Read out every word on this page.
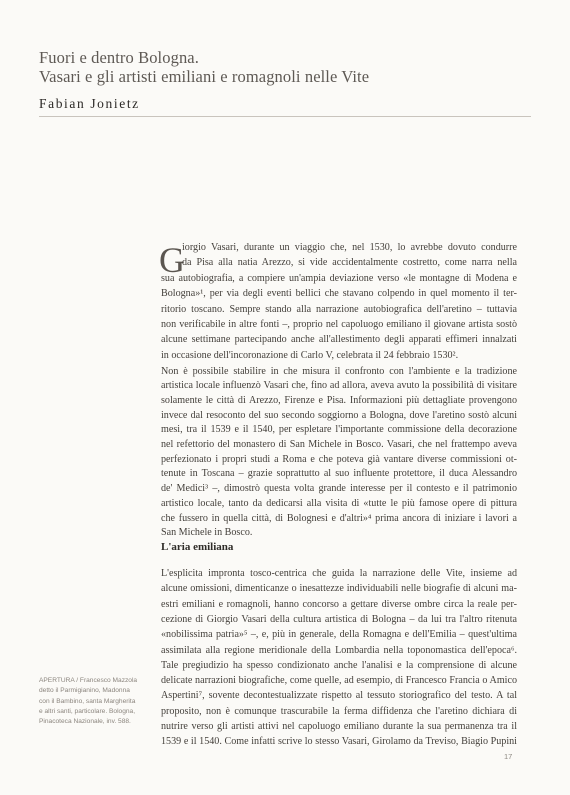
Fuori e dentro Bologna.
Vasari e gli artisti emiliani e romagnoli nelle Vite
Fabian Jonietz
G
iorgio Vasari, durante un viaggio che, nel 1530, lo avrebbe dovuto condurre
da Pisa alla natia Arezzo, si vide accidentalmente costretto, come narra nella
sua autobiografia, a compiere un'ampia deviazione verso «le montagne di Modena e
Bologna»¹, per via degli eventi bellici che stavano colpendo in quel momento il ter-
ritorio toscano. Sempre stando alla narrazione autobiografica dell'aretino – tuttavia
non verificabile in altre fonti –, proprio nel capoluogo emiliano il giovane artista sostò
alcune settimane partecipando anche all'allestimento degli apparati effimeri innalzati
in occasione dell'incoronazione di Carlo V, celebrata il 24 febbraio 1530².
Non è possibile stabilire in che misura il confronto con l'ambiente e la tradizione
artistica locale influenzò Vasari che, fino ad allora, aveva avuto la possibilità di visitare
solamente le città di Arezzo, Firenze e Pisa. Informazioni più dettagliate provengono
invece dal resoconto del suo secondo soggiorno a Bologna, dove l'aretino sostò alcuni
mesi, tra il 1539 e il 1540, per espletare l'importante commissione della decorazione
nel refettorio del monastero di San Michele in Bosco. Vasari, che nel frattempo aveva
perfezionato i propri studi a Roma e che poteva già vantare diverse commissioni ot-
tenute in Toscana – grazie soprattutto al suo influente protettore, il duca Alessandro
de' Medici³ –, dimostrò questa volta grande interesse per il contesto e il patrimonio
artistico locale, tanto da dedicarsi alla visita di «tutte le più famose opere di pittura
che fussero in quella città, di Bolognesi e d'altri»⁴ prima ancora di iniziare i lavori a
San Michele in Bosco.
L'aria emiliana
L'esplicita impronta tosco-centrica che guida la narrazione delle Vite, insieme ad
alcune omissioni, dimenticanze o inesattezze individuabili nelle biografie di alcuni ma-
estri emiliani e romagnoli, hanno concorso a gettare diverse ombre circa la reale per-
cezione di Giorgio Vasari della cultura artistica di Bologna – da lui tra l'altro ritenuta
«nobilissima patria»⁵ –, e, più in generale, della Romagna e dell'Emilia – quest'ultima
assimilata alla regione meridionale della Lombardia nella toponomastica dell'epoca⁶.
Tale pregiudizio ha spesso condizionato anche l'analisi e la comprensione di alcune
delicate narrazioni biografiche, come quelle, ad esempio, di Francesco Francia o Amico
Aspertini⁷, sovente decontestualizzate rispetto al tessuto storiografico del testo. A tal
proposito, non è comunque trascurabile la ferma diffidenza che l'aretino dichiara di
nutrire verso gli artisti attivi nel capoluogo emiliano durante la sua permanenza tra il
1539 e il 1540. Come infatti scrive lo stesso Vasari, Girolamo da Treviso, Biagio Pupini
APERTURA / Francesco Mazzola
detto il Parmigianino, Madonna
con il Bambino, santa Margherita
e altri santi, particolare. Bologna,
Pinacoteca Nazionale, inv. 588.
17
